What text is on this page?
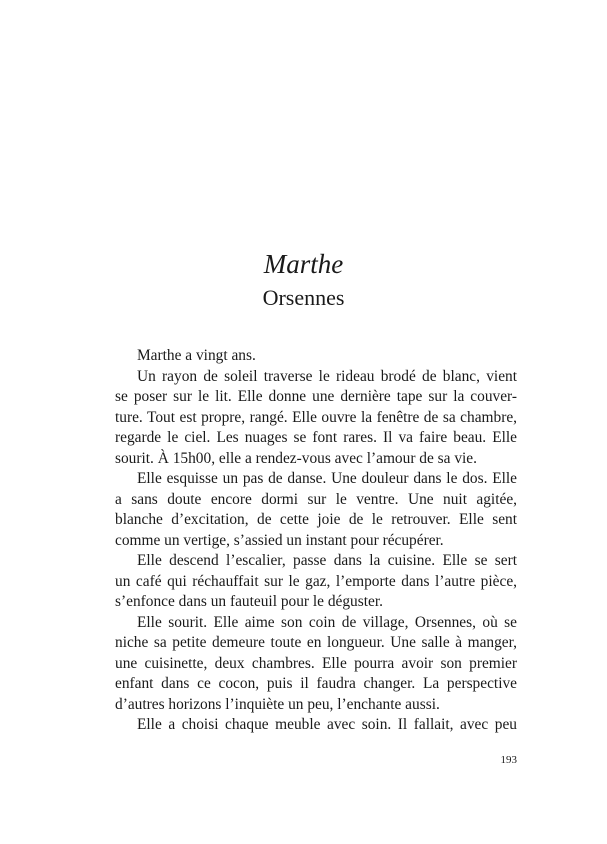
Marthe
Orsennes
Marthe a vingt ans.
Un rayon de soleil traverse le rideau brodé de blanc, vient
se poser sur le lit. Elle donne une dernière tape sur la couver-
ture. Tout est propre, rangé. Elle ouvre la fenêtre de sa chambre,
regarde le ciel. Les nuages se font rares. Il va faire beau. Elle
sourit. À 15h00, elle a rendez-vous avec l’amour de sa vie.
Elle esquisse un pas de danse. Une douleur dans le dos. Elle
a sans doute encore dormi sur le ventre. Une nuit agitée,
blanche d’excitation, de cette joie de le retrouver. Elle sent
comme un vertige, s’assied un instant pour récupérer.
Elle descend l’escalier, passe dans la cuisine. Elle se sert
un café qui réchauffait sur le gaz, l’emporte dans l’autre pièce,
s’enfonce dans un fauteuil pour le déguster.
Elle sourit. Elle aime son coin de village, Orsennes, où se
niche sa petite demeure toute en longueur. Une salle à manger,
une cuisinette, deux chambres. Elle pourra avoir son premier
enfant dans ce cocon, puis il faudra changer. La perspective
d’autres horizons l’inquiète un peu, l’enchante aussi.
Elle a choisi chaque meuble avec soin. Il fallait, avec peu
193
